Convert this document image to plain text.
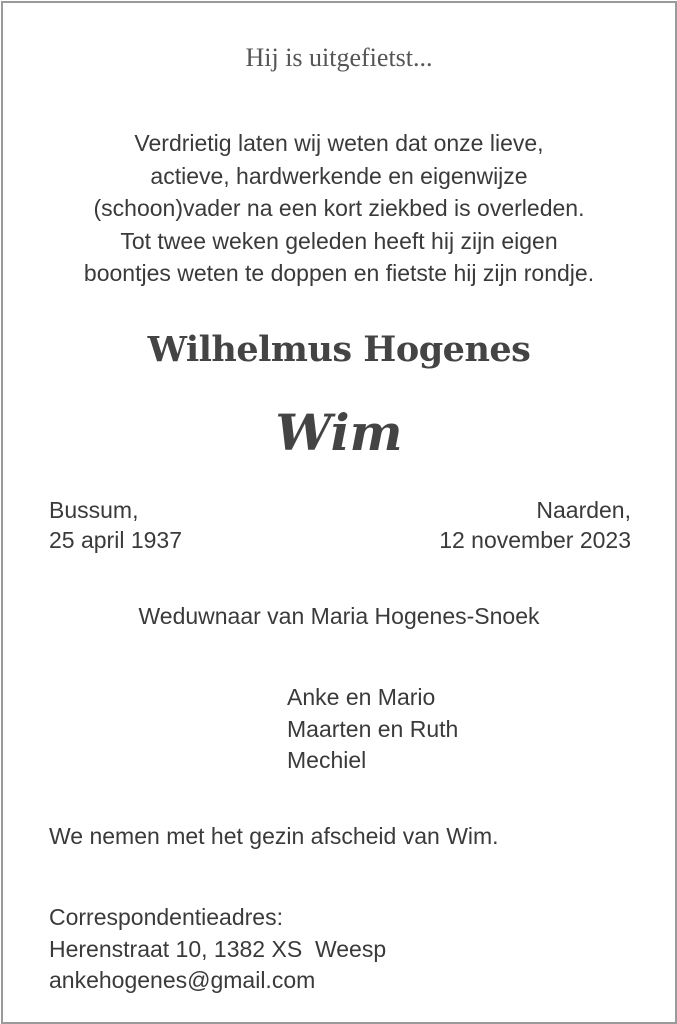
Hij is uitgefietst...
Verdrietig laten wij weten dat onze lieve,
actieve, hardwerkende en eigenwijze
(schoon)vader na een kort ziekbed is overleden.
Tot twee weken geleden heeft hij zijn eigen
boontjes weten te doppen en fietste hij zijn rondje.
Wilhelmus Hogenes
Wim
Bussum,
25 april 1937
Naarden,
12 november 2023
Weduwnaar van Maria Hogenes-Snoek
Anke en Mario
Maarten en Ruth
Mechiel
We nemen met het gezin afscheid van Wim.
Correspondentieadres:
Herenstraat 10, 1382 XS  Weesp
ankehogenes@gmail.com
